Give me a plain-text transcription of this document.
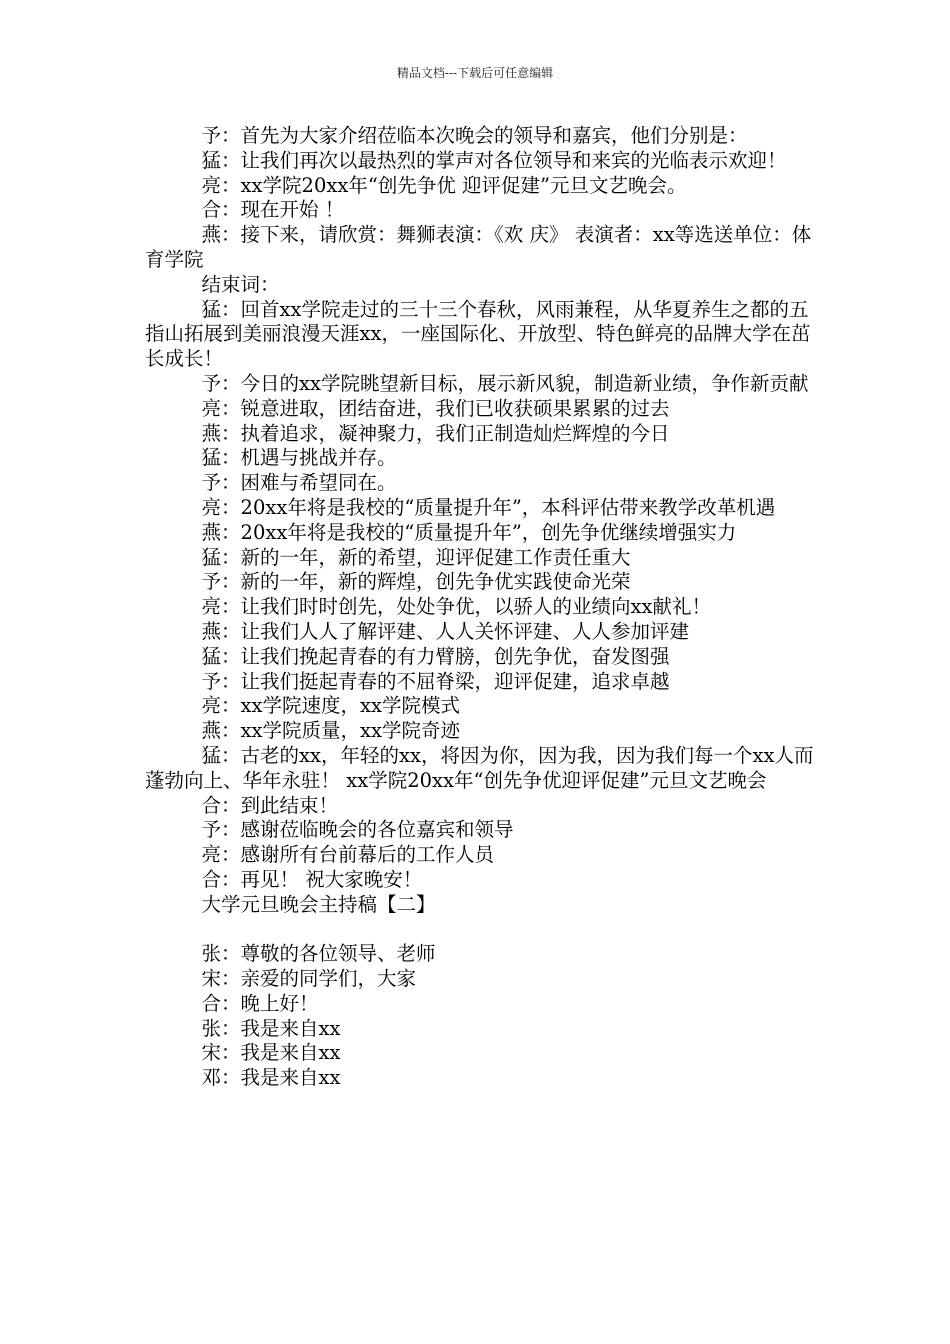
精品文档---下载后可任意编辑

予：首先为大家介绍莅临本次晚会的领导和嘉宾，他们分别是：

猛：让我们再次以最热烈的掌声对各位领导和来宾的光临表示欢迎！

亮：xx学院20xx年“创先争优 迎评促建”元旦文艺晚会。

合：现在开始 ！

燕：接下来，请欣赏：舞狮表演：《欢 庆》 表演者：xx等选送单位：体育学院

结束词：

猛：回首xx学院走过的三十三个春秋，风雨兼程，从华夏养生之都的五指山拓展到美丽浪漫天涯xx，一座国际化、开放型、特色鲜亮的品牌大学在茁长成长！

予：今日的xx学院眺望新目标，展示新风貌，制造新业绩，争作新贡献

亮：锐意进取，团结奋进，我们已收获硕果累累的过去

燕：执着追求，凝神聚力，我们正制造灿烂辉煌的今日

猛：机遇与挑战并存。

予：困难与希望同在。

亮：20xx年将是我校的“质量提升年”，本科评估带来教学改革机遇

燕：20xx年将是我校的“质量提升年”，创先争优继续增强实力

猛：新的一年，新的希望，迎评促建工作责任重大

予：新的一年，新的辉煌，创先争优实践使命光荣

亮：让我们时时创先，处处争优，以骄人的业绩向xx献礼！

燕：让我们人人了解评建、人人关怀评建、人人参加评建

猛：让我们挽起青春的有力臂膀，创先争优，奋发图强

予：让我们挺起青春的不屈脊梁，迎评促建，追求卓越

亮：xx学院速度，xx学院模式

燕：xx学院质量，xx学院奇迹

猛：古老的xx，年轻的xx，将因为你，因为我，因为我们每一个xx人而蓬勃向上、华年永驻！ xx学院20xx年“创先争优迎评促建”元旦文艺晚会

合：到此结束！

予：感谢莅临晚会的各位嘉宾和领导

亮：感谢所有台前幕后的工作人员

合：再见！ 祝大家晚安！

大学元旦晚会主持稿【二】

张：尊敬的各位领导、老师

宋：亲爱的同学们，大家

合：晚上好！

张：我是来自xx

宋：我是来自xx

邓：我是来自xx
